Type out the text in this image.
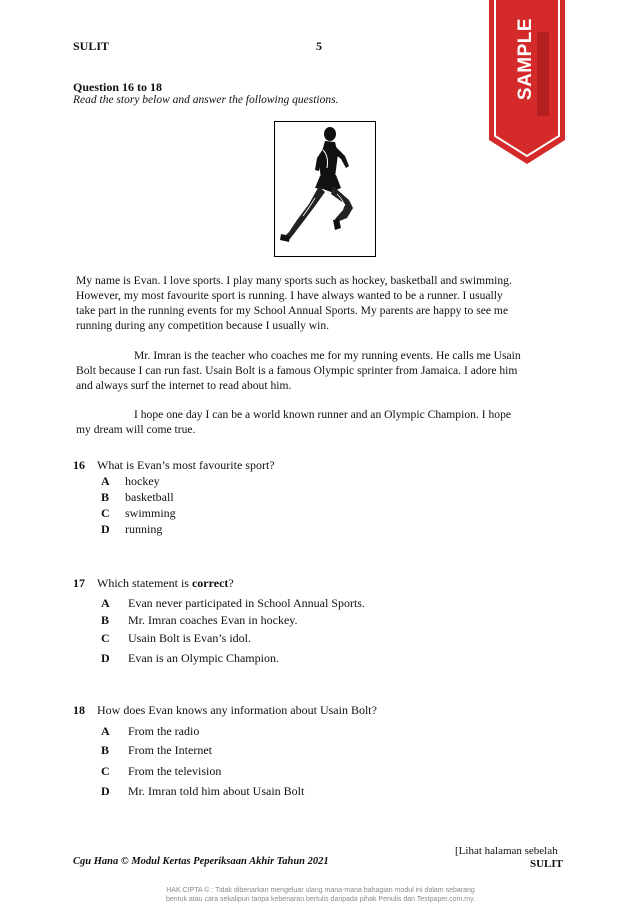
SULIT	5	SAMPLE
Question 16 to 18
Read the story below and answer the following questions.

My name is Evan. I love sports. I play many sports such as hockey, basketball and swimming.

However, my most favourite sport is running. I have always wanted to be a runner. I usually

take part in the running events for my School Annual Sports. My parents are happy to see me

running during any competition because I usually win.

Mr. Imran is the teacher who coaches me for my running events. He calls me Usain

Bolt because I can run fast. Usain Bolt is a famous Olympic sprinter from Jamaica. I adore him

and always surf the internet to read about him.

I hope one day I can be a world known runner and an Olympic Champion. I hope

my dream will come true.

16 What is Evan’s most favourite sport?
A hockey
B basketball
C swimming
D running
17 Which statement is correct?
A Evan never participated in School Annual Sports.
B Mr. Imran coaches Evan in hockey.
C Usain Bolt is Evan’s idol.
D Evan is an Olympic Champion.
18 How does Evan knows any information about Usain Bolt?
A From the radio
B From the Internet
C From the television
D Mr. Imran told him about Usain Bolt
[Lihat halaman sebelah
Cgu Hana © Modul Kertas Peperiksaan Akhir Tahun 2021	SULIT
HAK CIPTA © : Tidak dibenarkan mengeluar ulang mana-mana bahagian modul ini dalam sebarang
bentuk atau cara sekalipun tanpa kebenaran bertulis daripada pihak Penulis dan Testpaper.com.my.
